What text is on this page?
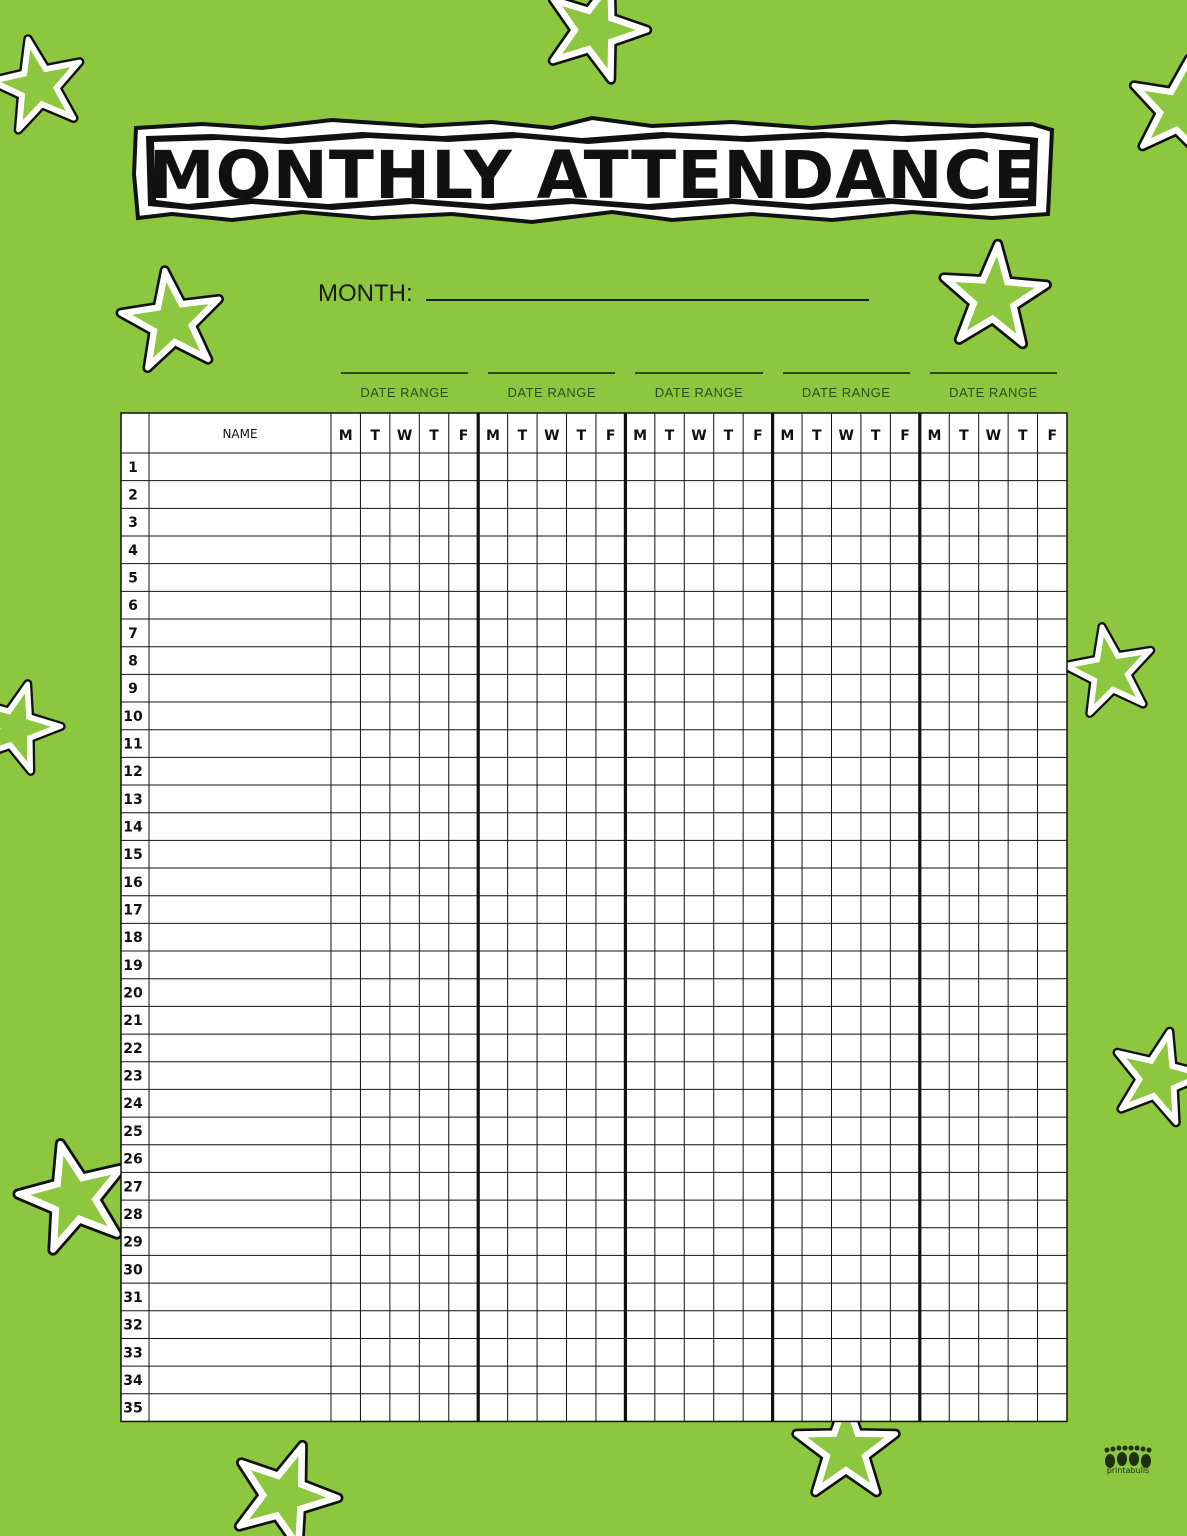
MONTHLY ATTENDANCE
MONTH:
DATE RANGE	DATE RANGE	DATE RANGE	DATE RANGE	DATE RANGE
NAME	M T W T F M T W T F M T W T F M T W T F M T W T F
1
2
3
4
5
6
7
8
9
10
11
12
13
14
15
16
17
18
19
20
21
22
23
24
25
26
27
28
29
30
31
32
33
34
35
printabulls
